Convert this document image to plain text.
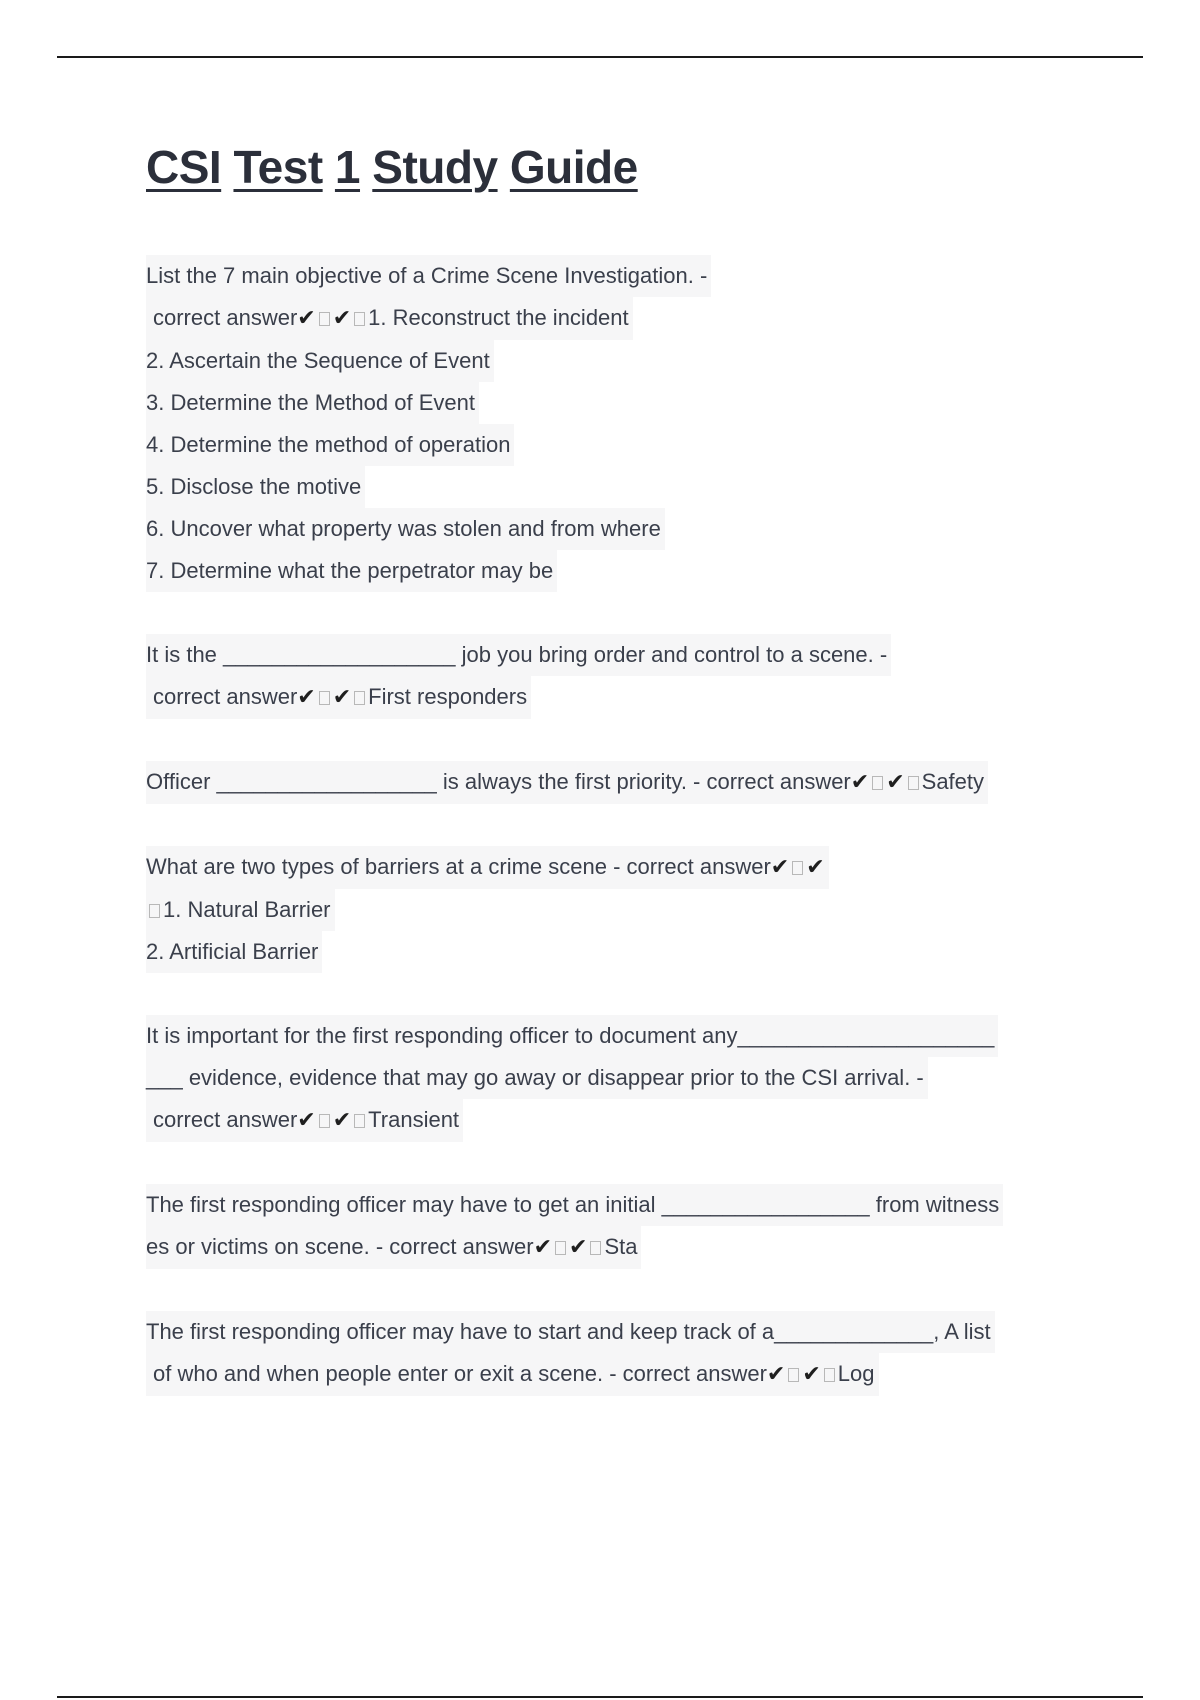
CSI Test 1 Study Guide
List the 7 main objective of a Crime Scene Investigation. -
correct answer✔ ✔ 1. Reconstruct the incident
2. Ascertain the Sequence of Event
3. Determine the Method of Event
4. Determine the method of operation
5. Disclose the motive
6. Uncover what property was stolen and from where
7. Determine what the perpetrator may be
It is the ___________________ job you bring order and control to a scene. -
correct answer✔ ✔ First responders
Officer __________________ is always the first priority. - correct answer✔ ✔ Safety
What are two types of barriers at a crime scene - correct answer✔ ✔
1. Natural Barrier
2. Artificial Barrier
It is important for the first responding officer to document any_____________________
___ evidence, evidence that may go away or disappear prior to the CSI arrival. -
correct answer✔ ✔ Transient
The first responding officer may have to get an initial _________________ from witness
es or victims on scene. - correct answer✔ ✔ Sta
The first responding officer may have to start and keep track of a_____________, A list
of who and when people enter or exit a scene. - correct answer✔ ✔ Log
